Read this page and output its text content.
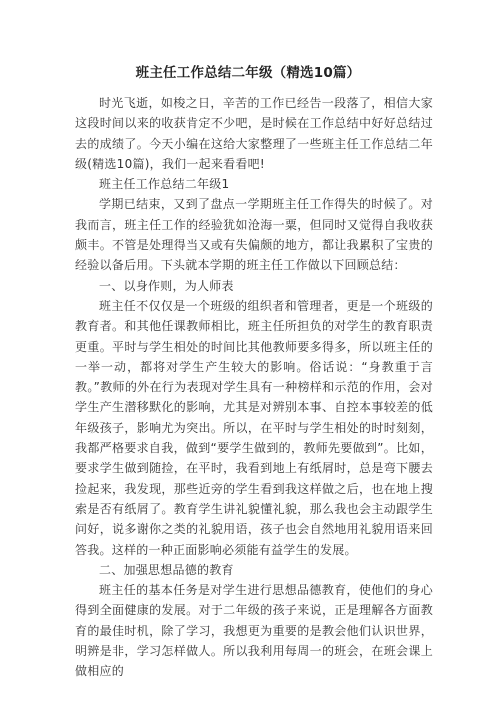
班主任工作总结二年级（精选10篇）

时光飞逝，如梭之日，辛苦的工作已经告一段落了，相信大家这段时间以来的收获肯定不少吧，是时候在工作总结中好好总结过去的成绩了。今天小编在这给大家整理了一些班主任工作总结二年级(精选10篇)，我们一起来看看吧!

班主任工作总结二年级1

学期已结束，又到了盘点一学期班主任工作得失的时候了。对我而言，班主任工作的经验犹如沧海一粟，但同时又觉得自我收获颇丰。不管是处理得当又或有失偏颇的地方，都让我累积了宝贵的经验以备后用。下头就本学期的班主任工作做以下回顾总结：

一、以身作则，为人师表

班主任不仅仅是一个班级的组织者和管理者，更是一个班级的教育者。和其他任课教师相比，班主任所担负的对学生的教育职责更重。平时与学生相处的时间比其他教师要多得多，所以班主任的一举一动，都将对学生产生较大的影响。俗话说：“身教重于言教。”教师的外在行为表现对学生具有一种榜样和示范的作用，会对学生产生潜移默化的影响，尤其是对辨别本事、自控本事较差的低年级孩子，影响尤为突出。所以，在平时与学生相处的时时刻刻，我都严格要求自我，做到“要学生做到的，教师先要做到”。比如，要求学生做到随捡，在平时，我看到地上有纸屑时，总是弯下腰去捡起来，我发现，那些近旁的学生看到我这样做之后，也在地上搜索是否有纸屑了。教育学生讲礼貌懂礼貌，那么我也会主动跟学生问好，说多谢你之类的礼貌用语，孩子也会自然地用礼貌用语来回答我。这样的一种正面影响必须能有益学生的发展。

二、加强思想品德的教育

班主任的基本任务是对学生进行思想品德教育，使他们的身心得到全面健康的发展。对于二年级的孩子来说，正是理解各方面教育的最佳时机，除了学习，我想更为重要的是教会他们认识世界，明辨是非，学习怎样做人。所以我利用每周一的班会，在班会课上做相应的
